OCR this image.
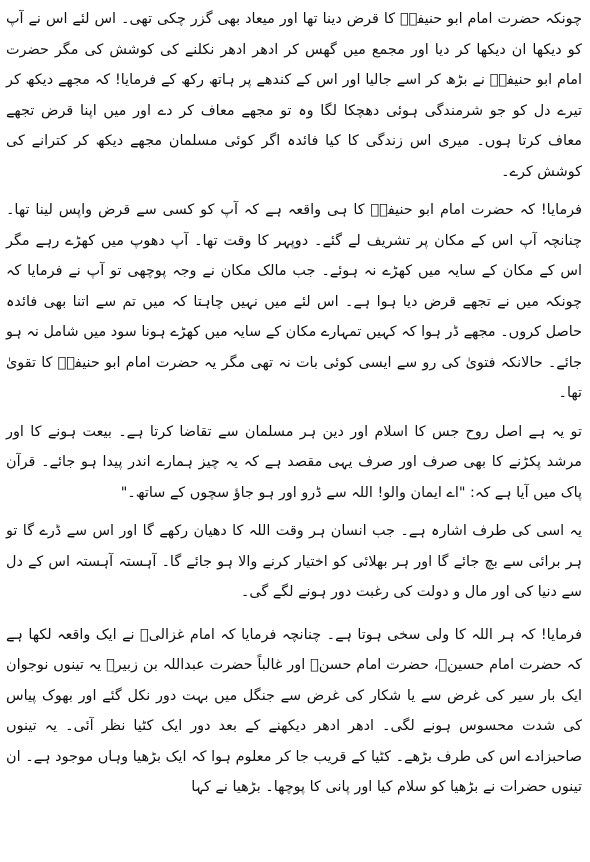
چونکہ حضرت امام ابو حنیفہؒ کا قرض دینا تھا اور میعاد بھی گزر چکی تھی۔ اس لئے اس نے آپ کو دیکھا ان دیکھا کر دیا اور مجمع میں گھس کر ادھر ادھر نکلنے کی کوشش کی مگر حضرت امام ابو حنیفہؒ نے بڑھ کر اسے جالیا اور اس کے کندھے پر ہاتھ رکھ کے فرمایا! کہ مجھے دیکھ کر تیرے دل کو جو شرمندگی ہوئی دھچکا لگا وہ تو مجھے معاف کر دے اور میں اپنا قرض تجھے معاف کرتا ہوں۔ میری اس زندگی کا کیا فائدہ اگر کوئی مسلمان مجھے دیکھ کر کترانے کی کوشش کرے۔

فرمایا! کہ حضرت امام ابو حنیفہؒ کا ہی واقعہ ہے کہ آپ کو کسی سے قرض واپس لینا تھا۔ چنانچہ آپ اس کے مکان پر تشریف لے گئے۔ دوپہر کا وقت تھا۔ آپ دھوپ میں کھڑے رہے مگر اس کے مکان کے سایہ میں کھڑے نہ ہوئے۔ جب مالک مکان نے وجہ پوچھی تو آپ نے فرمایا کہ چونکہ میں نے تجھے قرض دیا ہوا ہے۔ اس لئے میں نہیں چاہتا کہ میں تم سے اتنا بھی فائدہ حاصل کروں۔ مجھے ڈر ہوا کہ کہیں تمہارے مکان کے سایہ میں کھڑے ہونا سود میں شامل نہ ہو جائے۔ حالانکہ فتویٰ کی رو سے ایسی کوئی بات نہ تھی مگر یہ حضرت امام ابو حنیفہؒ کا تقویٰ تھا۔

تو یہ ہے اصل روح جس کا اسلام اور دین ہر مسلمان سے تقاضا کرتا ہے۔ بیعت ہونے کا اور مرشد پکڑنے کا بھی صرف اور صرف یہی مقصد ہے کہ یہ چیز ہمارے اندر پیدا ہو جائے۔ قرآن پاک میں آیا ہے کہ: "اے ایمان والو! اللہ سے ڈرو اور ہو جاؤ سچوں کے ساتھ۔"

یہ اسی کی طرف اشارہ ہے۔ جب انسان ہر وقت اللہ کا دھیان رکھے گا اور اس سے ڈرے گا تو ہر برائی سے بچ جائے گا اور ہر بھلائی کو اختیار کرنے والا ہو جائے گا۔ آہستہ آہستہ اس کے دل سے دنیا کی اور مال و دولت کی رغبت دور ہونے لگے گی۔

فرمایا! کہ ہر اللہ کا ولی سخی ہوتا ہے۔ چنانچہ فرمایا کہ امام غزالیؒ نے ایک واقعہ لکھا ہے کہ حضرت امام حسینؓ، حضرت امام حسنؓ اور غالباً حضرت عبداللہ بن زبیرؓ یہ تینوں نوجوان ایک بار سیر کی غرض سے یا شکار کی غرض سے جنگل میں بہت دور نکل گئے اور بھوک پیاس کی شدت محسوس ہونے لگی۔ ادھر ادھر دیکھنے کے بعد دور ایک کٹیا نظر آئی۔ یہ تینوں صاحبزادے اس کی طرف بڑھے۔ کٹیا کے قریب جا کر معلوم ہوا کہ ایک بڑھیا وہاں موجود ہے۔ ان تینوں حضرات نے بڑھیا کو سلام کیا اور پانی کا پوچھا۔ بڑھیا نے کہا
